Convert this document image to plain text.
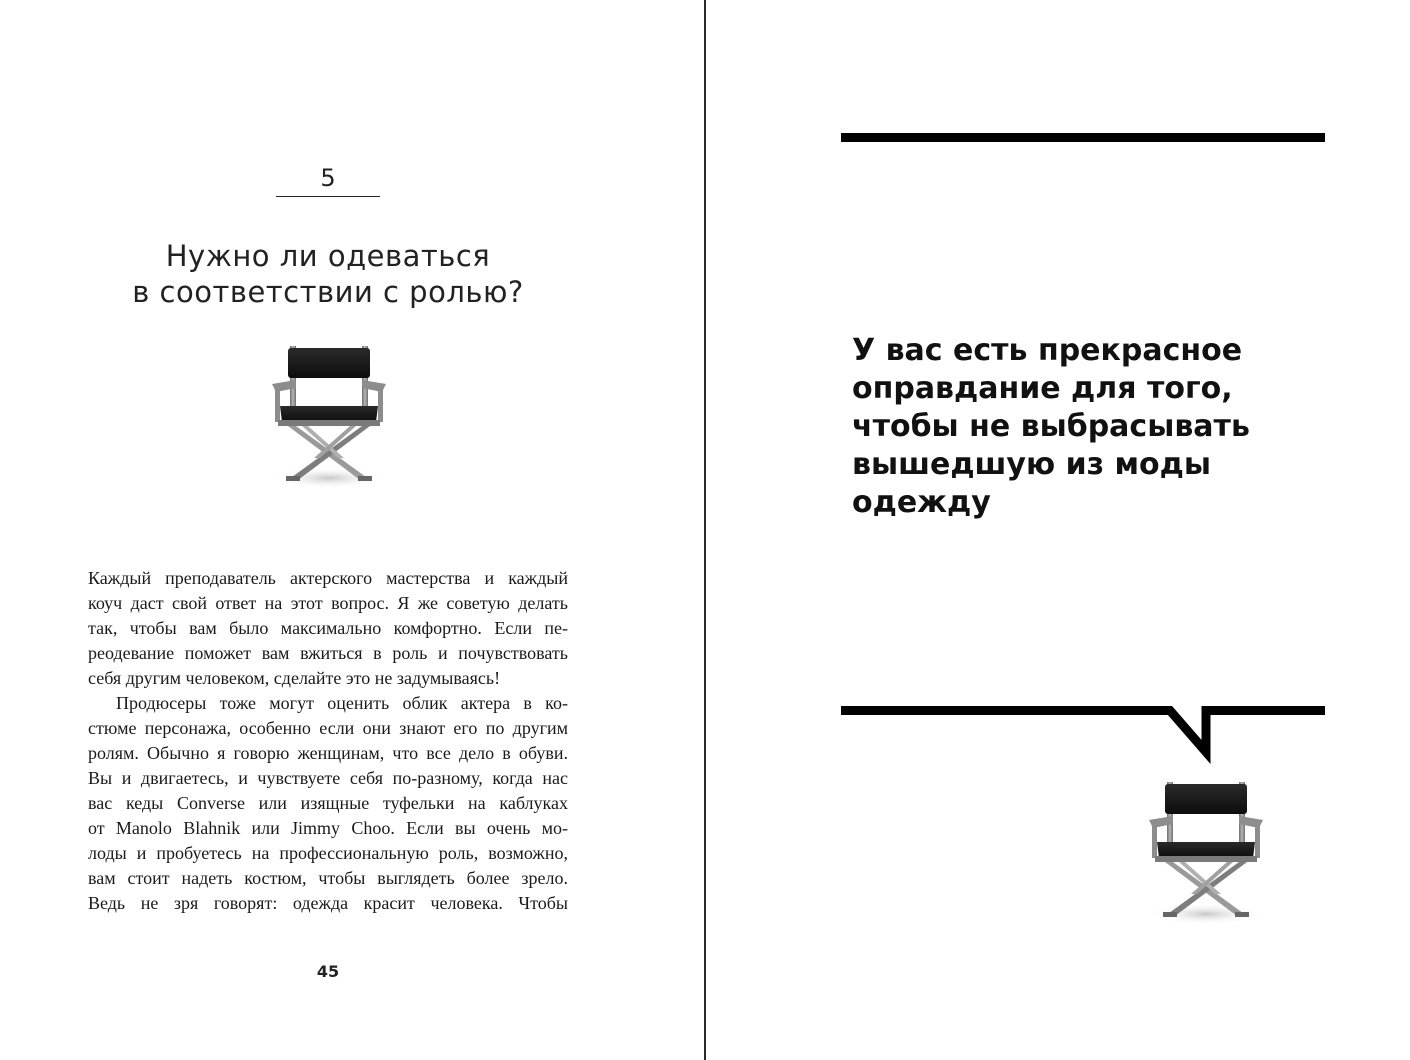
5
Нужно ли одеваться
в соответствии с ролью?
Каждый преподаватель актерского мастерства и каждый
коуч даст свой ответ на этот вопрос. Я же советую делать
так, чтобы вам было максимально комфортно. Если пе-
реодевание поможет вам вжиться в роль и почувствовать
себя другим человеком, сделайте это не задумываясь!
Продюсеры тоже могут оценить облик актера в ко-
стюме персонажа, особенно если они знают его по другим
ролям. Обычно я говорю женщинам, что все дело в обуви.
Вы и двигаетесь, и чувствуете себя по-разному, когда нас
вас кеды Converse или изящные туфельки на каблуках
от Manolo Blahnik или Jimmy Choo. Если вы очень мо-
лоды и пробуетесь на профессиональную роль, возможно,
вам стоит надеть костюм, чтобы выглядеть более зрело.
Ведь не зря говорят: одежда красит человека. Чтобы
45
У вас есть прекрасное
оправдание для того,
чтобы не выбрасывать
вышедшую из моды
одежду
